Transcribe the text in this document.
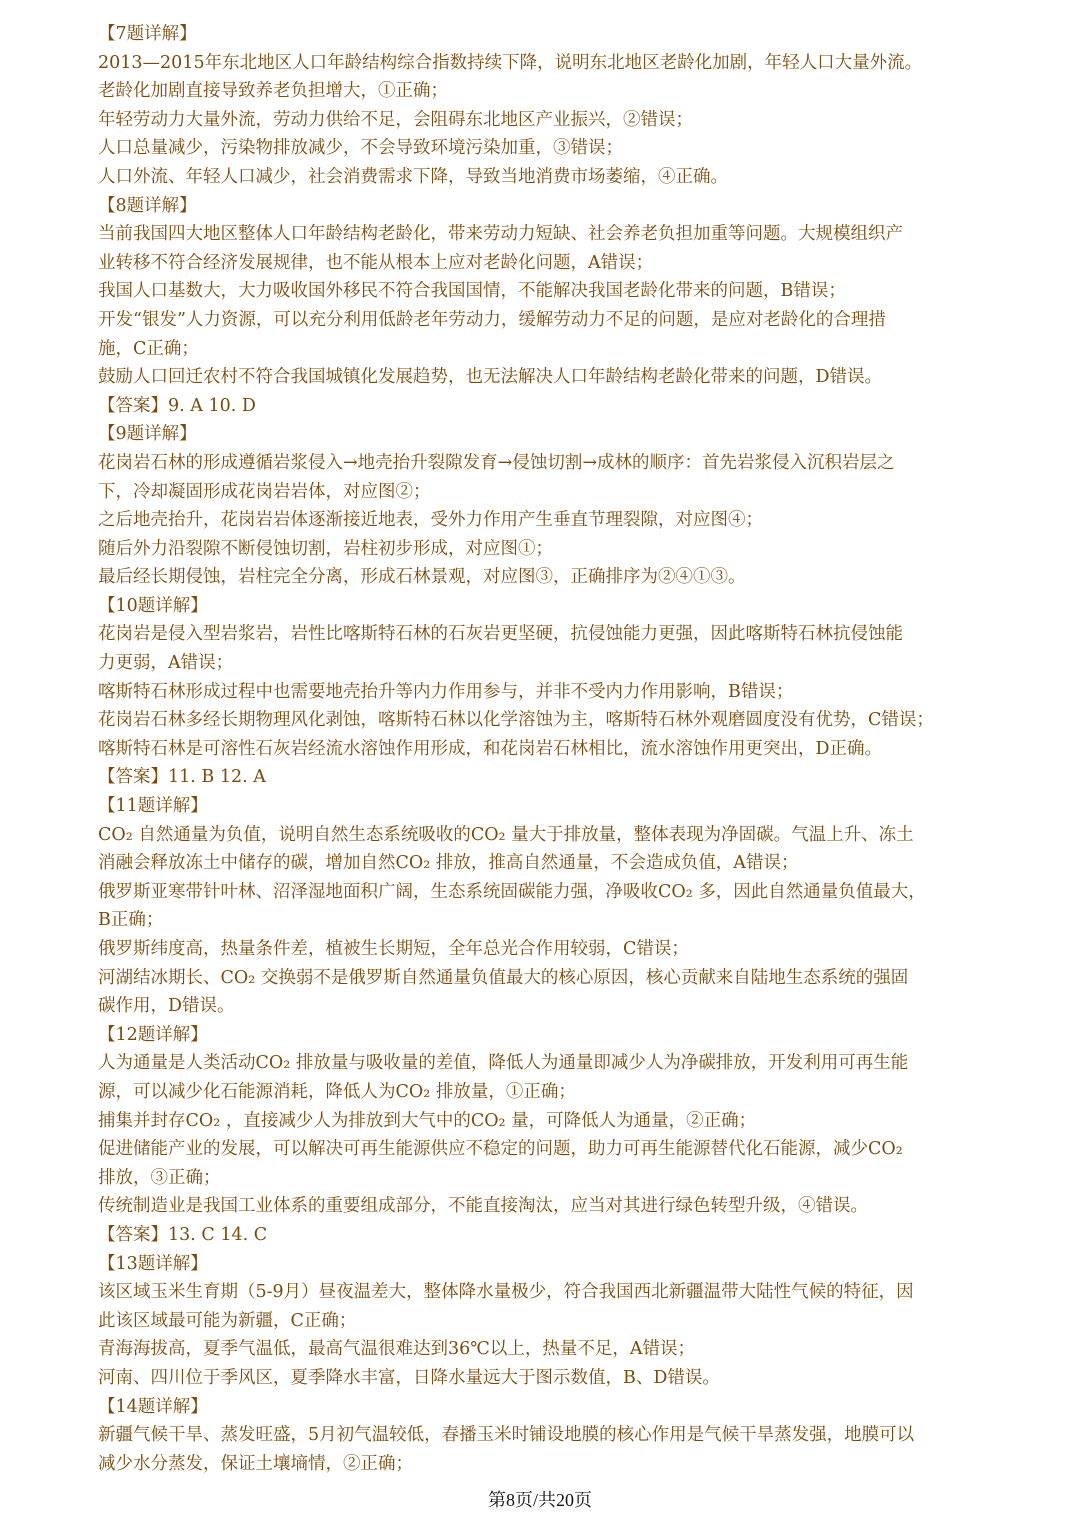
【7题详解】

2013—2015年东北地区人口年龄结构综合指数持续下降，说明东北地区老龄化加剧，年轻人口大量外流。

老龄化加剧直接导致养老负担增大，①正确；

年轻劳动力大量外流，劳动力供给不足，会阻碍东北地区产业振兴，②错误；

人口总量减少，污染物排放减少，不会导致环境污染加重，③错误；

人口外流、年轻人口减少，社会消费需求下降，导致当地消费市场萎缩，④正确。

【8题详解】

当前我国四大地区整体人口年龄结构老龄化，带来劳动力短缺、社会养老负担加重等问题。大规模组织产

业转移不符合经济发展规律，也不能从根本上应对老龄化问题，A错误；

我国人口基数大，大力吸收国外移民不符合我国国情，不能解决我国老龄化带来的问题，B错误；

开发“银发”人力资源，可以充分利用低龄老年劳动力，缓解劳动力不足的问题，是应对老龄化的合理措

施，C正确；

鼓励人口回迁农村不符合我国城镇化发展趋势，也无法解决人口年龄结构老龄化带来的问题，D错误。

【答案】9. A 10. D

【9题详解】

花岗岩石林的形成遵循岩浆侵入→地壳抬升裂隙发育→侵蚀切割→成林的顺序：首先岩浆侵入沉积岩层之

下，冷却凝固形成花岗岩岩体，对应图②；

之后地壳抬升，花岗岩岩体逐渐接近地表，受外力作用产生垂直节理裂隙，对应图④；

随后外力沿裂隙不断侵蚀切割，岩柱初步形成，对应图①；

最后经长期侵蚀，岩柱完全分离，形成石林景观，对应图③，正确排序为②④①③。

【10题详解】

花岗岩是侵入型岩浆岩，岩性比喀斯特石林的石灰岩更坚硬，抗侵蚀能力更强，因此喀斯特石林抗侵蚀能

力更弱，A错误；

喀斯特石林形成过程中也需要地壳抬升等内力作用参与，并非不受内力作用影响，B错误；

花岗岩石林多经长期物理风化剥蚀，喀斯特石林以化学溶蚀为主，喀斯特石林外观磨圆度没有优势，C错误；

喀斯特石林是可溶性石灰岩经流水溶蚀作用形成，和花岗岩石林相比，流水溶蚀作用更突出，D正确。

【答案】11. B 12. A

【11题详解】

CO₂ 自然通量为负值，说明自然生态系统吸收的CO₂ 量大于排放量，整体表现为净固碳。气温上升、冻土

消融会释放冻土中储存的碳，增加自然CO₂ 排放，推高自然通量，不会造成负值，A错误；

俄罗斯亚寒带针叶林、沼泽湿地面积广阔，生态系统固碳能力强，净吸收CO₂ 多，因此自然通量负值最大，

B正确；

俄罗斯纬度高，热量条件差，植被生长期短，全年总光合作用较弱，C错误；

河湖结冰期长、CO₂ 交换弱不是俄罗斯自然通量负值最大的核心原因，核心贡献来自陆地生态系统的强固

碳作用，D错误。

【12题详解】

人为通量是人类活动CO₂ 排放量与吸收量的差值，降低人为通量即减少人为净碳排放，开发利用可再生能

源，可以减少化石能源消耗，降低人为CO₂ 排放量，①正确；

捕集并封存CO₂ ，直接减少人为排放到大气中的CO₂ 量，可降低人为通量，②正确；

促进储能产业的发展，可以解决可再生能源供应不稳定的问题，助力可再生能源替代化石能源，减少CO₂

排放，③正确；

传统制造业是我国工业体系的重要组成部分，不能直接淘汰，应当对其进行绿色转型升级，④错误。

【答案】13. C 14. C

【13题详解】

该区域玉米生育期（5-9月）昼夜温差大，整体降水量极少，符合我国西北新疆温带大陆性气候的特征，因

此该区域最可能为新疆，C正确；

青海海拔高，夏季气温低，最高气温很难达到36℃以上，热量不足，A错误；

河南、四川位于季风区，夏季降水丰富，日降水量远大于图示数值，B、D错误。

【14题详解】

新疆气候干旱、蒸发旺盛，5月初气温较低，春播玉米时铺设地膜的核心作用是气候干旱蒸发强，地膜可以

减少水分蒸发，保证土壤墒情，②正确；

第8页/共20页
